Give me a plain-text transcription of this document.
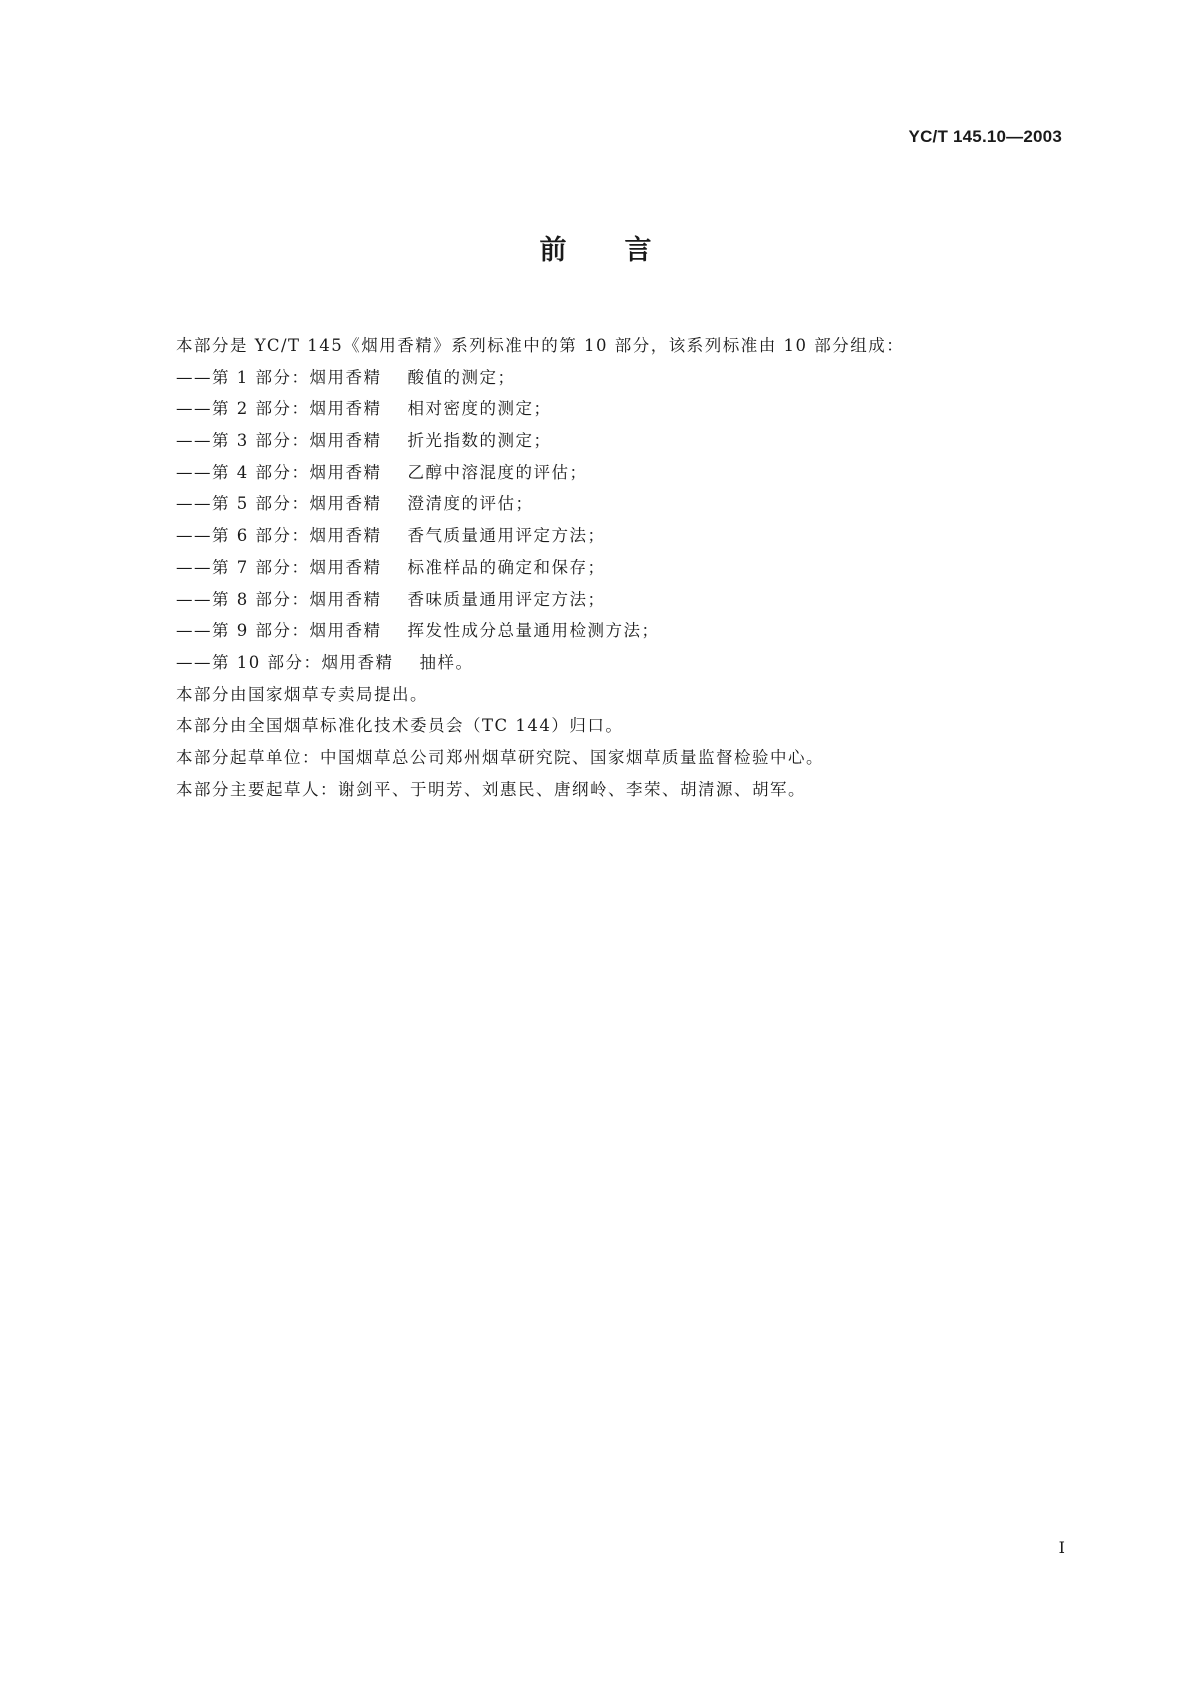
YC/T 145.10—2003
前言
本部分是 YC/T 145《烟用香精》系列标准中的第 10 部分，该系列标准由 10 部分组成：
——第 1 部分：烟用香精 酸值的测定；
——第 2 部分：烟用香精 相对密度的测定；
——第 3 部分：烟用香精 折光指数的测定；
——第 4 部分：烟用香精 乙醇中溶混度的评估；
——第 5 部分：烟用香精 澄清度的评估；
——第 6 部分：烟用香精 香气质量通用评定方法；
——第 7 部分：烟用香精 标准样品的确定和保存；
——第 8 部分：烟用香精 香味质量通用评定方法；
——第 9 部分：烟用香精 挥发性成分总量通用检测方法；
——第 10 部分：烟用香精 抽样。
本部分由国家烟草专卖局提出。
本部分由全国烟草标准化技术委员会（TC 144）归口。
本部分起草单位：中国烟草总公司郑州烟草研究院、国家烟草质量监督检验中心。
本部分主要起草人：谢剑平、于明芳、刘惠民、唐纲岭、李荣、胡清源、胡军。
I
